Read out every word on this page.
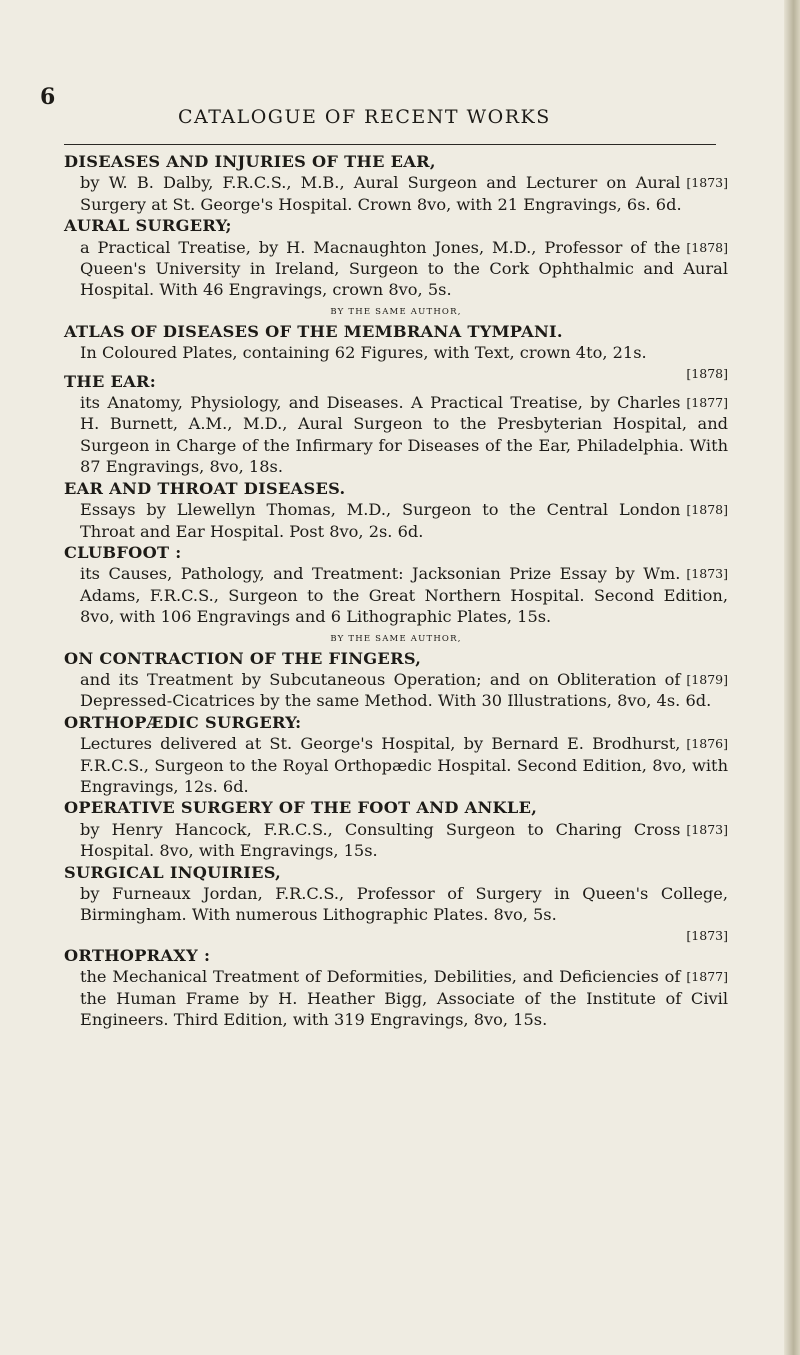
6
CATALOGUE OF RECENT WORKS
DISEASES AND INJURIES OF THE EAR,
[1873]
by W. B. Dalby, F.R.C.S., M.B., Aural Surgeon and Lecturer on Aural Surgery at St. George's Hospital. Crown 8vo, with 21 Engravings, 6s. 6d.
AURAL SURGERY;
[1878]
a Practical Treatise, by H. Macnaughton Jones, M.D., Professor of the Queen's University in Ireland, Surgeon to the Cork Ophthalmic and Aural Hospital. With 46 Engravings, crown 8vo, 5s.
BY THE SAME AUTHOR,
ATLAS OF DISEASES OF THE MEMBRANA TYMPANI.
In Coloured Plates, containing 62 Figures, with Text, crown 4to, 21s.
[1878]
THE EAR:
[1877]
its Anatomy, Physiology, and Diseases. A Practical Treatise, by Charles H. Burnett, A.M., M.D., Aural Surgeon to the Presbyterian Hospital, and Surgeon in Charge of the Infirmary for Diseases of the Ear, Philadelphia. With 87 Engravings, 8vo, 18s.
EAR AND THROAT DISEASES.
[1878]
Essays by Llewellyn Thomas, M.D., Surgeon to the Central London Throat and Ear Hospital. Post 8vo, 2s. 6d.
CLUBFOOT :
[1873]
its Causes, Pathology, and Treatment: Jacksonian Prize Essay by Wm. Adams, F.R.C.S., Surgeon to the Great Northern Hospital. Second Edition, 8vo, with 106 Engravings and 6 Lithographic Plates, 15s.
BY THE SAME AUTHOR,
ON CONTRACTION OF THE FINGERS,
[1879]
and its Treatment by Subcutaneous Operation; and on Obliteration of Depressed-Cicatrices by the same Method. With 30 Illustrations, 8vo, 4s. 6d.
ORTHOPÆDIC SURGERY:
[1876]
Lectures delivered at St. George's Hospital, by Bernard E. Brodhurst, F.R.C.S., Surgeon to the Royal Orthopædic Hospital. Second Edition, 8vo, with Engravings, 12s. 6d.
OPERATIVE SURGERY OF THE FOOT AND ANKLE,
[1873]
by Henry Hancock, F.R.C.S., Consulting Surgeon to Charing Cross Hospital. 8vo, with Engravings, 15s.
SURGICAL INQUIRIES,
by Furneaux Jordan, F.R.C.S., Professor of Surgery in Queen's College, Birmingham. With numerous Lithographic Plates. 8vo, 5s.
[1873]
ORTHOPRAXY :
[1877]
the Mechanical Treatment of Deformities, Debilities, and Deficiencies of the Human Frame by H. Heather Bigg, Associate of the Institute of Civil Engineers. Third Edition, with 319 Engravings, 8vo, 15s.
